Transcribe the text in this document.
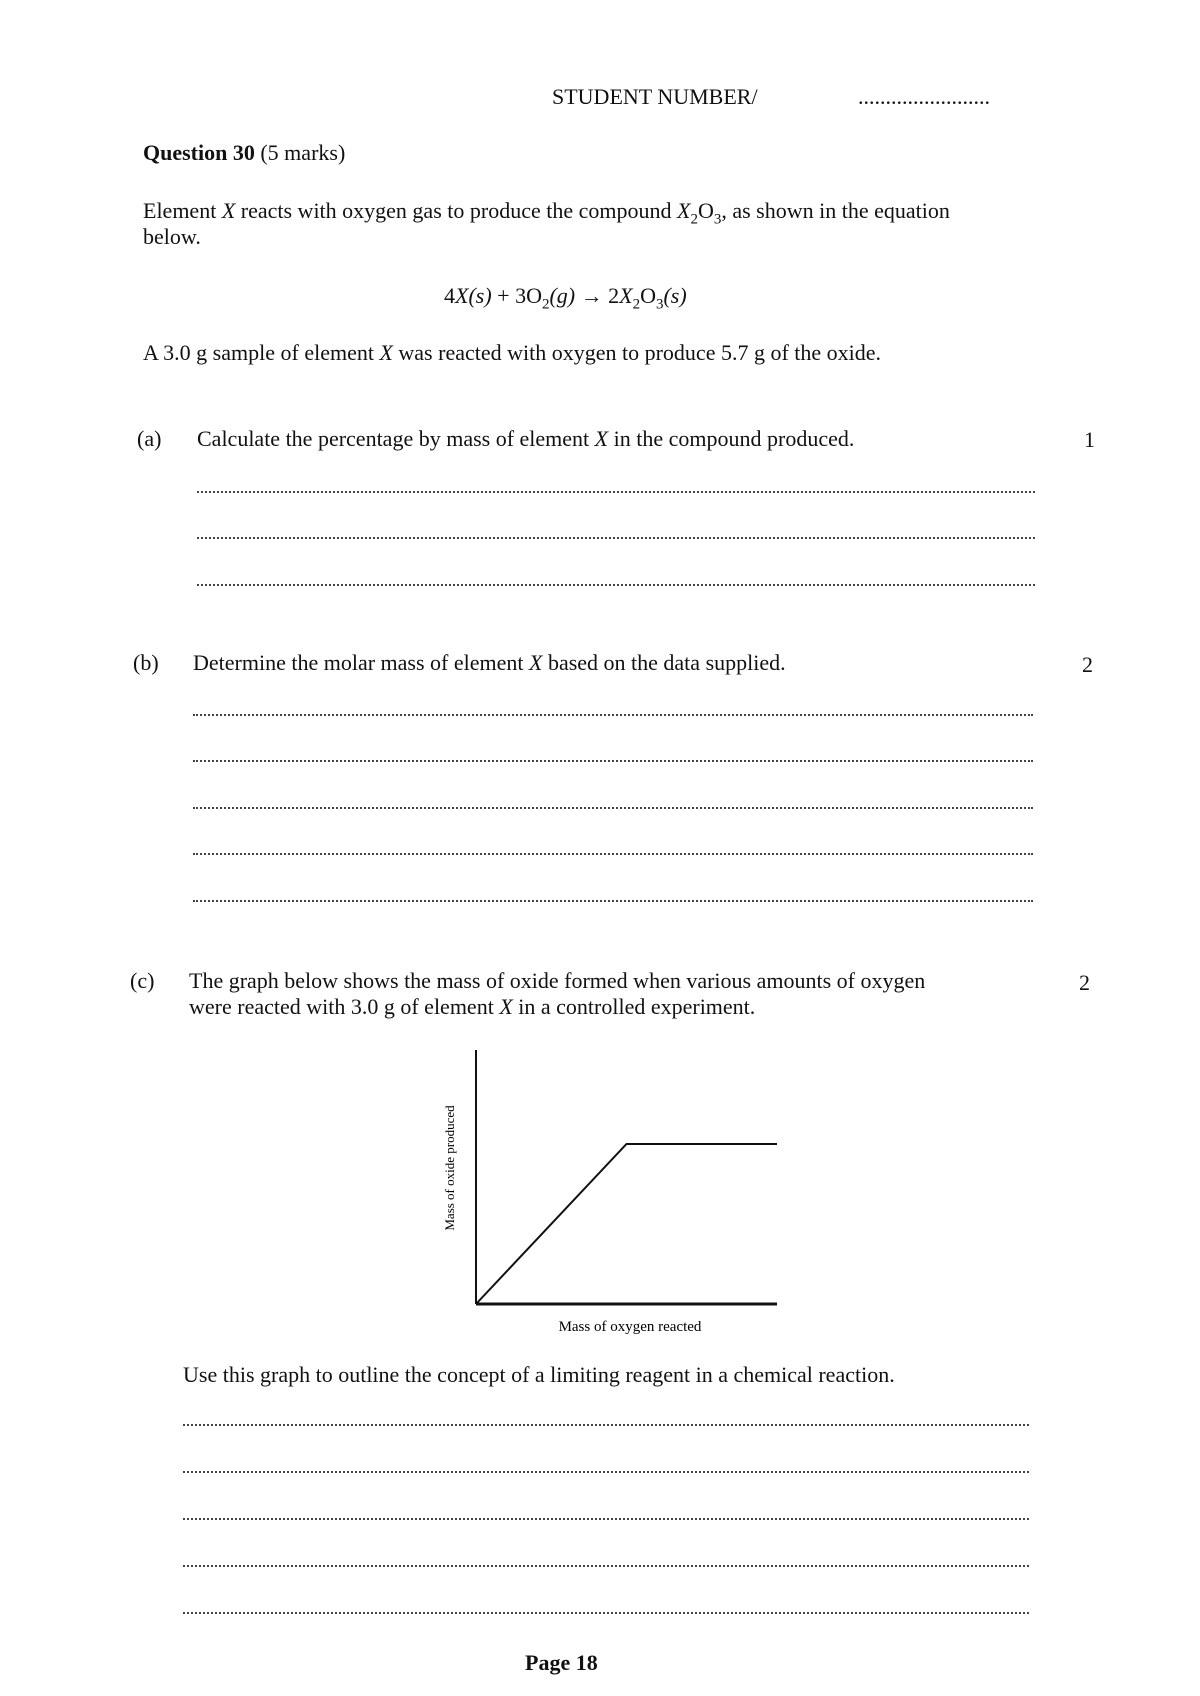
STUDENT NUMBER/	........................
Question 30 (5 marks)
Element X reacts with oxygen gas to produce the compound $X_2O_3$, as shown in the equation
below.
$4X(s) + 3O_2(g) \to 2X_2O_3(s)$
A 3.0 g sample of element X was reacted with oxygen to produce 5.7 g of the oxide.
(a) Calculate the percentage by mass of element X in the compound produced.	1
(b) Determine the molar mass of element X based on the data supplied.	2
(c) The graph below shows the mass of oxide formed when various amounts of oxygen
were reacted with 3.0 g of element X in a controlled experiment.
2
Mass of oxygen reacted
Mass of oxide produced
Use this graph to outline the concept of a limiting reagent in a chemical reaction.
Page 18
